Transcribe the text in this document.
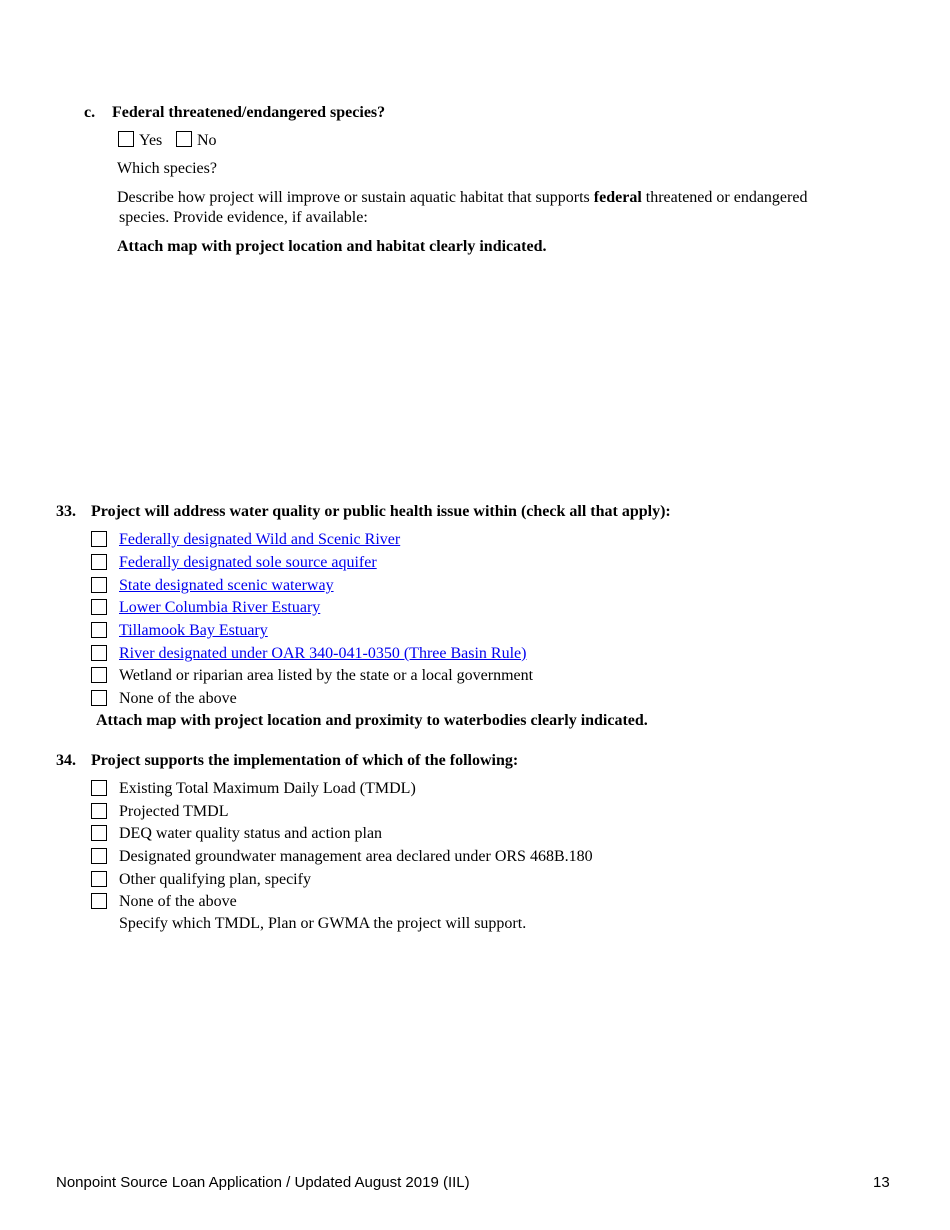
c. Federal threatened/endangered species?
Yes No
Which species?
Describe how project will improve or sustain aquatic habitat that supports federal threatened or endangered
species. Provide evidence, if available:
Attach map with project location and habitat clearly indicated.
33. Project will address water quality or public health issue within (check all that apply):
Federally designated Wild and Scenic River
Federally designated sole source aquifer
State designated scenic waterway
Lower Columbia River Estuary
Tillamook Bay Estuary
River designated under OAR 340-041-0350 (Three Basin Rule)
Wetland or riparian area listed by the state or a local government
None of the above
Attach map with project location and proximity to waterbodies clearly indicated.
34. Project supports the implementation of which of the following:
Existing Total Maximum Daily Load (TMDL)
Projected TMDL
DEQ water quality status and action plan
Designated groundwater management area declared under ORS 468B.180
Other qualifying plan, specify
None of the above
Specify which TMDL, Plan or GWMA the project will support.
Nonpoint Source Loan Application / Updated August 2019 (IIL)	13
